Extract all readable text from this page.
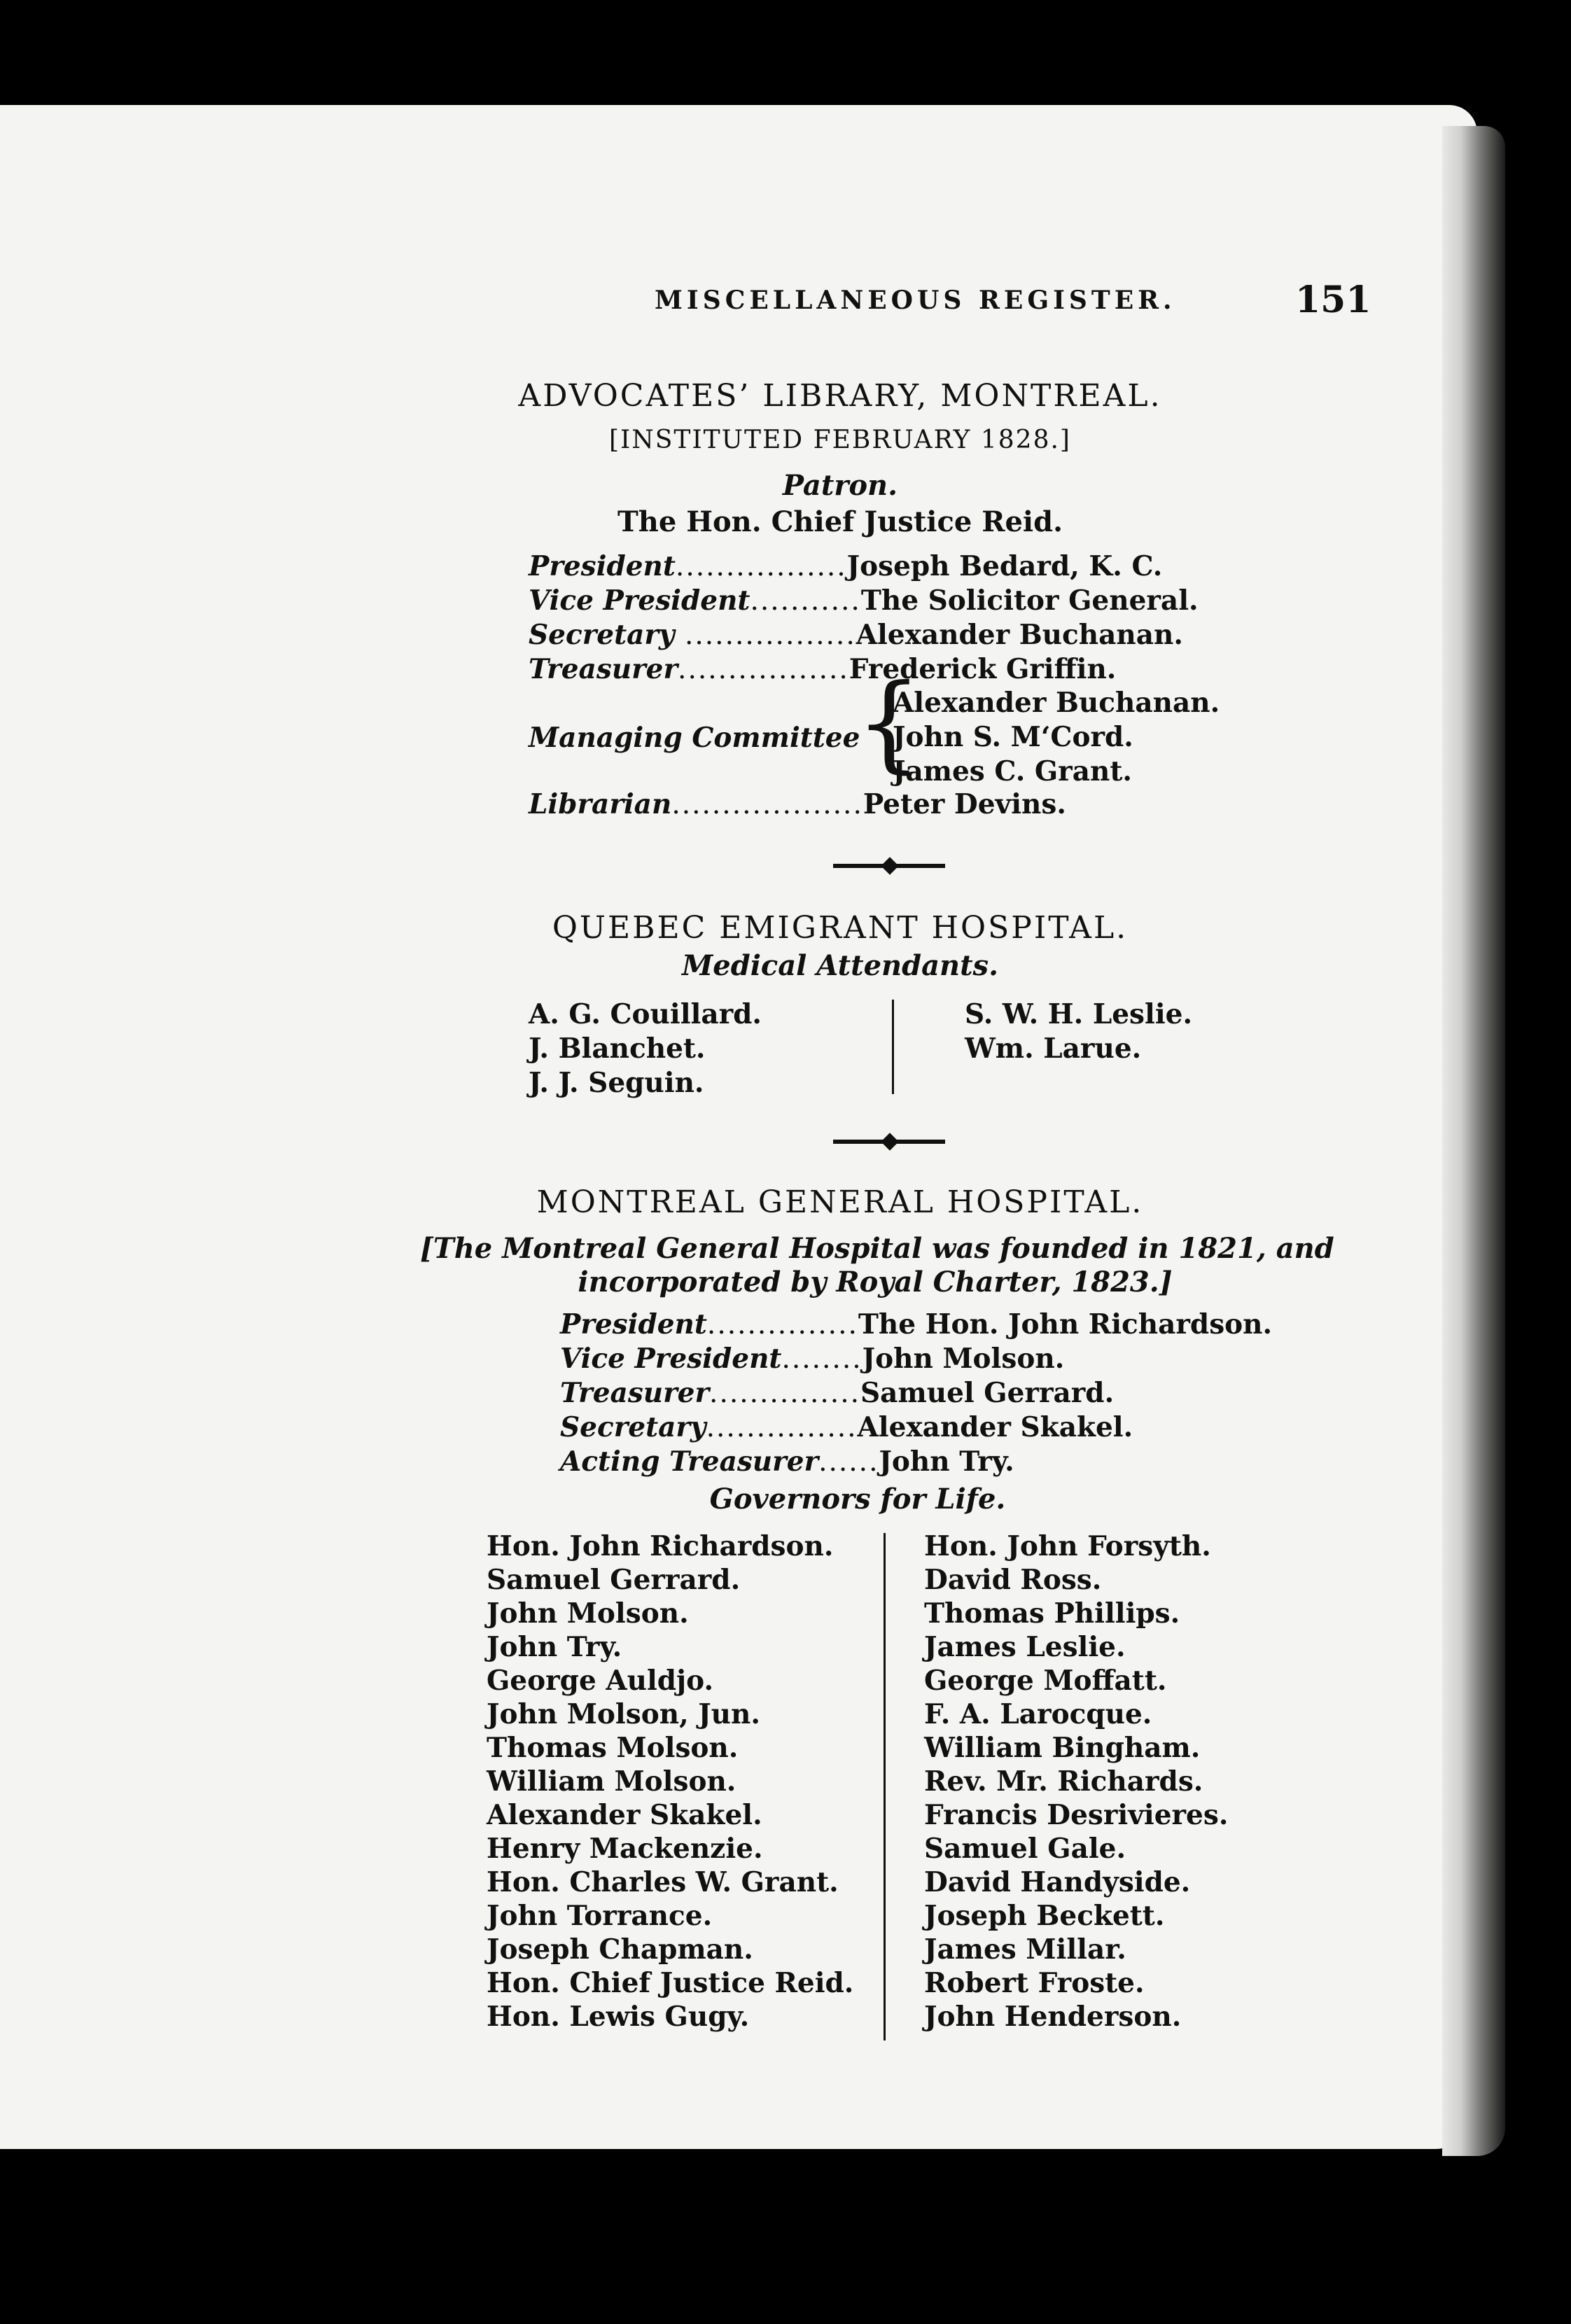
MISCELLANEOUS REGISTER.	151
ADVOCATES’ LIBRARY, MONTREAL.
[INSTITUTED FEBRUARY 1828.]
Patron.
The Hon. Chief Justice Reid.
President.................Joseph Bedard, K. C.
Vice President...........The Solicitor General.
Secretary .................Alexander Buchanan.
Treasurer.................Frederick Griffin.
Managing Committee
{
Alexander Buchanan.
John S. M‘Cord.
James C. Grant.
Librarian...................Peter Devins.
QUEBEC EMIGRANT HOSPITAL.
Medical Attendants.
A. G. Couillard.
J. Blanchet.
J. J. Seguin.
S. W. H. Leslie.
Wm. Larue.
MONTREAL GENERAL HOSPITAL.
[The Montreal General Hospital was founded in 1821, and
incorporated by Royal Charter, 1823.]
President...............The Hon. John Richardson.
Vice President........John Molson.
Treasurer...............Samuel Gerrard.
Secretary...............Alexander Skakel.
Acting Treasurer......John Try.
Governors for Life.
Hon. John Richardson.
Samuel Gerrard.
John Molson.
John Try.
George Auldjo.
John Molson, Jun.
Thomas Molson.
William Molson.
Alexander Skakel.
Henry Mackenzie.
Hon. Charles W. Grant.
John Torrance.
Joseph Chapman.
Hon. Chief Justice Reid.
Hon. Lewis Gugy.
Hon. John Forsyth.
David Ross.
Thomas Phillips.
James Leslie.
George Moffatt.
F. A. Larocque.
William Bingham.
Rev. Mr. Richards.
Francis Desrivieres.
Samuel Gale.
David Handyside.
Joseph Beckett.
James Millar.
Robert Froste.
John Henderson.
